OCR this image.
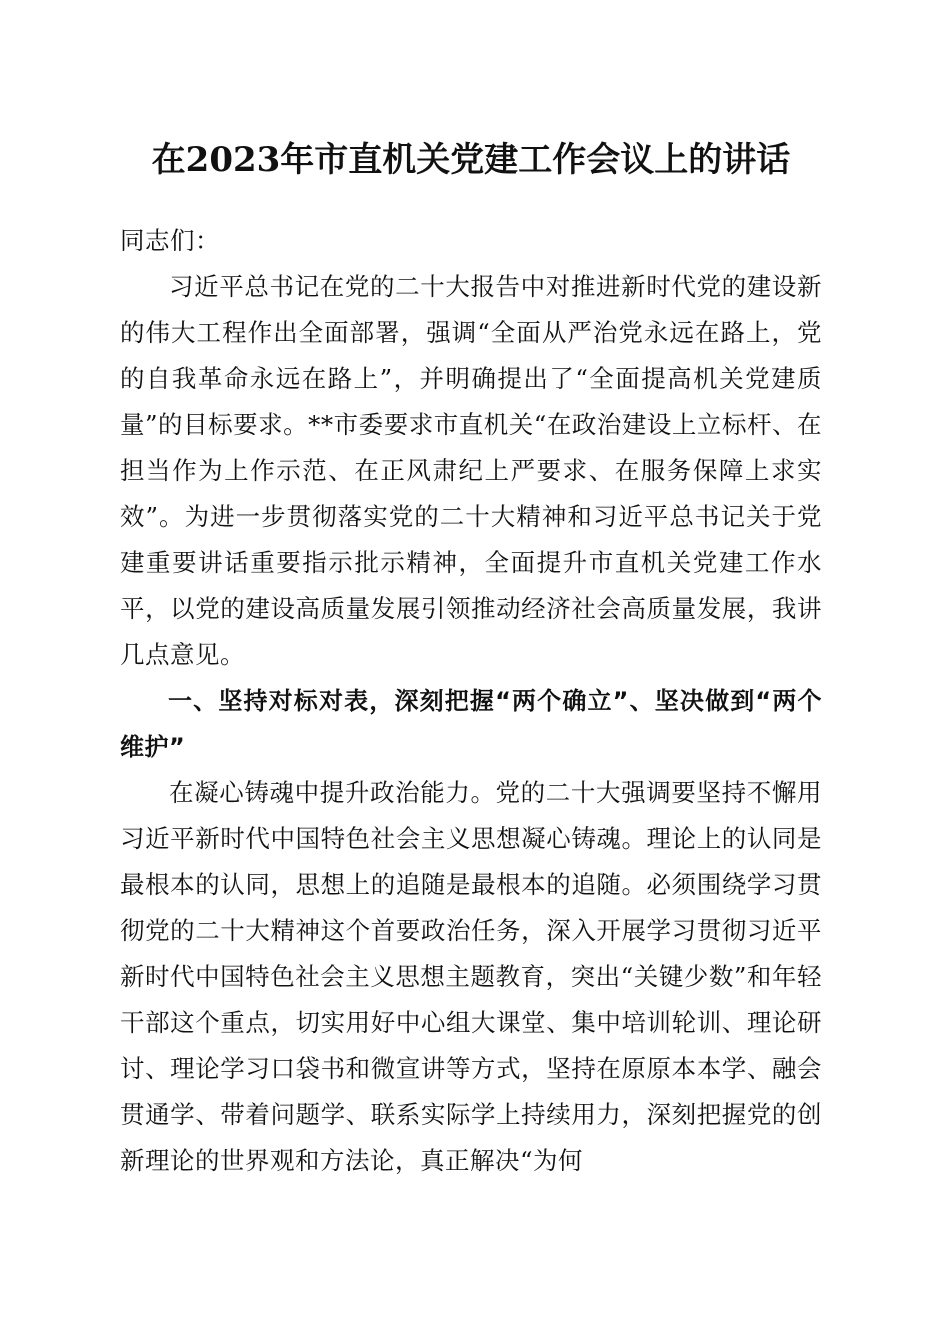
在2023年市直机关党建工作会议上的讲话

同志们：

习近平总书记在党的二十大报告中对推进新时代党的建设新的伟大工程作出全面部署，强调“全面从严治党永远在路上，党的自我革命永远在路上”，并明确提出了“全面提高机关党建质量”的目标要求。**市委要求市直机关“在政治建设上立标杆、在担当作为上作示范、在正风肃纪上严要求、在服务保障上求实效”。为进一步贯彻落实党的二十大精神和习近平总书记关于党建重要讲话重要指示批示精神，全面提升市直机关党建工作水平，以党的建设高质量发展引领推动经济社会高质量发展，我讲几点意见。

一、坚持对标对表，深刻把握“两个确立”、坚决做到“两个维护”

在凝心铸魂中提升政治能力。党的二十大强调要坚持不懈用习近平新时代中国特色社会主义思想凝心铸魂。理论上的认同是最根本的认同，思想上的追随是最根本的追随。必须围绕学习贯彻党的二十大精神这个首要政治任务，深入开展学习贯彻习近平新时代中国特色社会主义思想主题教育，突出“关键少数”和年轻干部这个重点，切实用好中心组大课堂、集中培训轮训、理论研讨、理论学习口袋书和微宣讲等方式，坚持在原原本本学、融会贯通学、带着问题学、联系实际学上持续用力，深刻把握党的创新理论的世界观和方法论，真正解决“为何
